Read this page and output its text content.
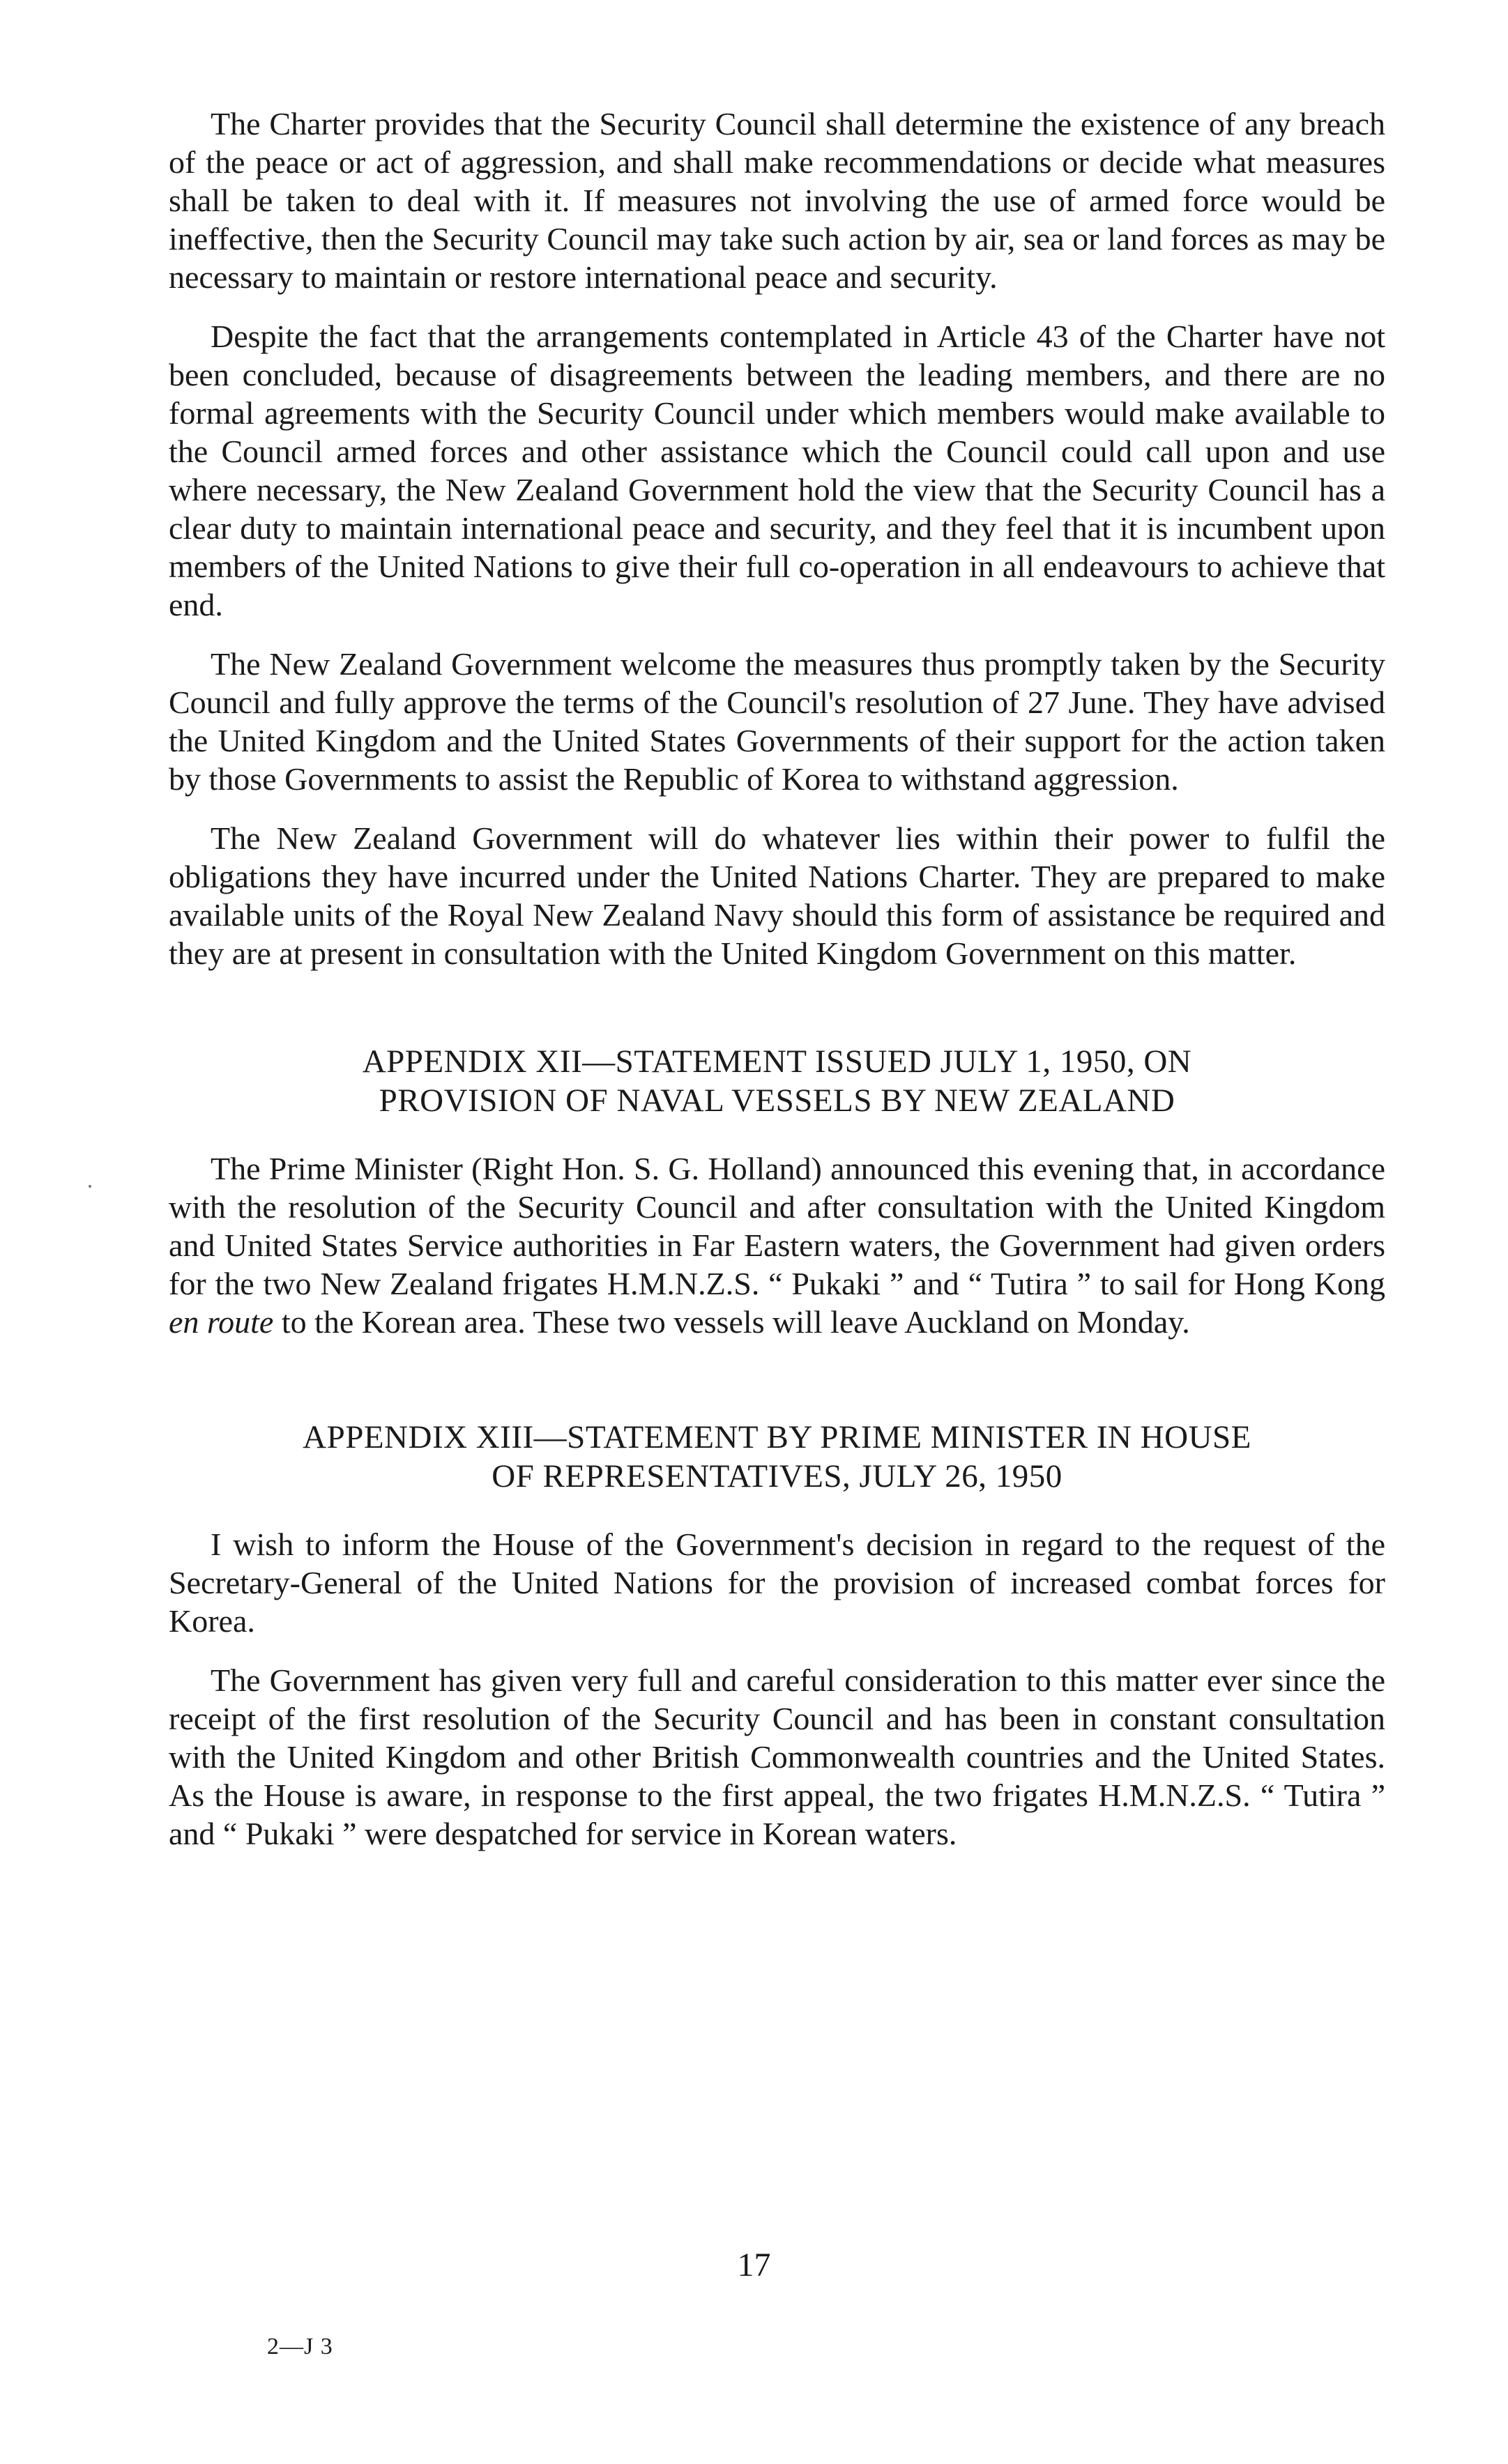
The Charter provides that the Security Council shall determine the existence of any breach of the peace or act of aggression, and shall make recommendations or decide what measures shall be taken to deal with it. If measures not involving the use of armed force would be ineffective, then the Security Council may take such action by air, sea or land forces as may be necessary to maintain or restore international peace and security.

Despite the fact that the arrangements contemplated in Article 43 of the Charter have not been concluded, because of disagreements between the leading members, and there are no formal agreements with the Security Council under which members would make available to the Council armed forces and other assistance which the Council could call upon and use where necessary, the New Zealand Government hold the view that the Security Council has a clear duty to maintain international peace and security, and they feel that it is incumbent upon members of the United Nations to give their full co-operation in all endeavours to achieve that end.

The New Zealand Government welcome the measures thus promptly taken by the Security Council and fully approve the terms of the Council's resolution of 27 June. They have advised the United Kingdom and the United States Governments of their support for the action taken by those Governments to assist the Republic of Korea to withstand aggression.

The New Zealand Government will do whatever lies within their power to fulfil the obligations they have incurred under the United Nations Charter. They are prepared to make available units of the Royal New Zealand Navy should this form of assistance be required and they are at present in consultation with the United Kingdom Government on this matter.

APPENDIX XII—STATEMENT ISSUED JULY 1, 1950, ON
PROVISION OF NAVAL VESSELS BY NEW ZEALAND

The Prime Minister (Right Hon. S. G. Holland) announced this evening that, in accordance with the resolution of the Security Council and after consultation with the United Kingdom and United States Service authorities in Far Eastern waters, the Government had given orders for the two New Zealand frigates H.M.N.Z.S. “ Pukaki ” and “ Tutira ” to sail for Hong Kong en route to the Korean area. These two vessels will leave Auckland on Monday.

APPENDIX XIII—STATEMENT BY PRIME MINISTER IN HOUSE
OF REPRESENTATIVES, JULY 26, 1950

I wish to inform the House of the Government's decision in regard to the request of the Secretary-General of the United Nations for the provision of increased combat forces for Korea.

The Government has given very full and careful consideration to this matter ever since the receipt of the first resolution of the Security Council and has been in constant consultation with the United Kingdom and other British Commonwealth countries and the United States. As the House is aware, in response to the first appeal, the two frigates H.M.N.Z.S. “ Tutira ” and “ Pukaki ” were despatched for service in Korean waters.

17
2—J 3
